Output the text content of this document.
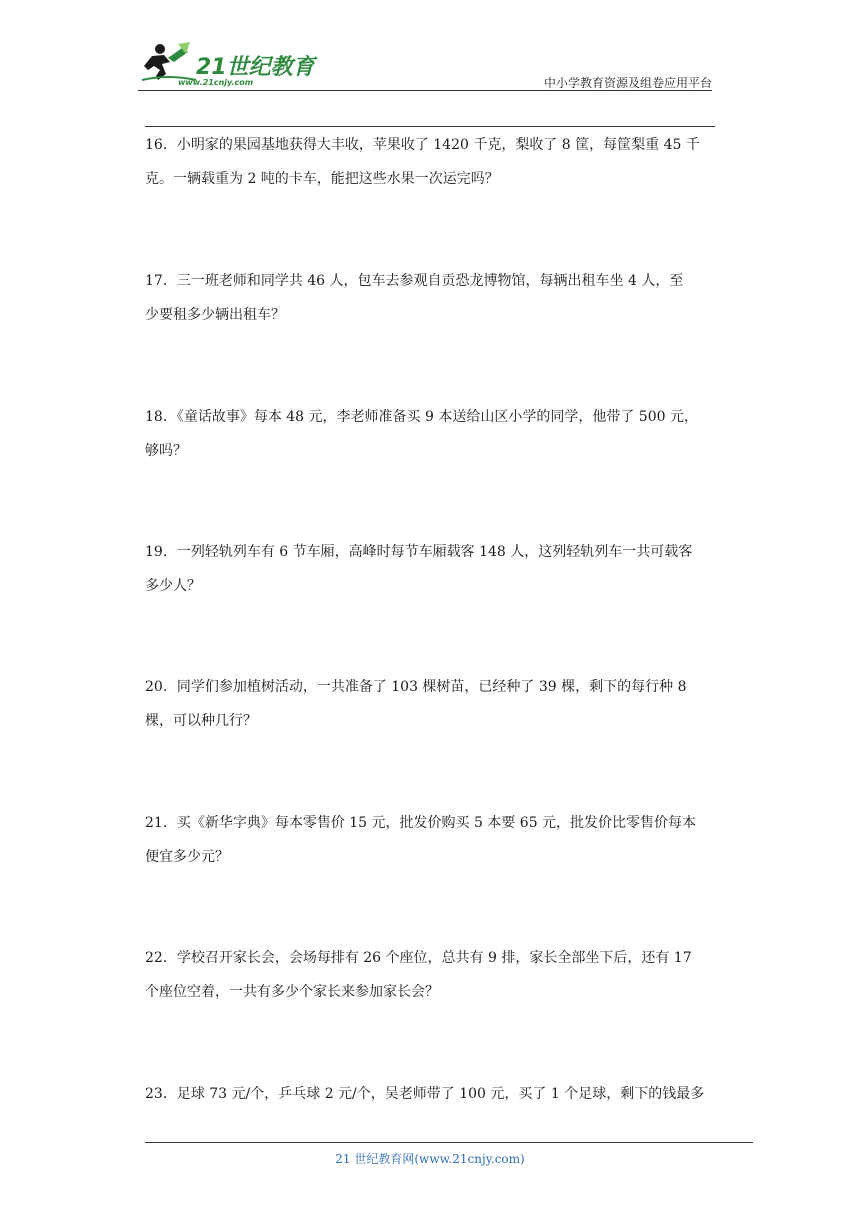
21世纪教育
www.21cnjy.com	中小学教育资源及组卷应用平台

16．小明家的果园基地获得大丰收，苹果收了 1420 千克，梨收了 8 筐，每筐梨重 45 千

克。一辆载重为 2 吨的卡车，能把这些水果一次运完吗？

17．三一班老师和同学共 46 人，包车去参观自贡恐龙博物馆，每辆出租车坐 4 人，至

少要租多少辆出租车？

18．《童话故事》每本 48 元，李老师准备买 9 本送给山区小学的同学，他带了 500 元，

够吗？

19．一列轻轨列车有 6 节车厢，高峰时每节车厢载客 148 人，这列轻轨列车一共可载客

多少人？

20．同学们参加植树活动，一共准备了 103 棵树苗，已经种了 39 棵，剩下的每行种 8

棵，可以种几行？

21．买《新华字典》每本零售价 15 元，批发价购买 5 本要 65 元，批发价比零售价每本

便宜多少元？

22．学校召开家长会，会场每排有 26 个座位，总共有 9 排，家长全部坐下后，还有 17

个座位空着，一共有多少个家长来参加家长会？

23．足球 73 元/个，乒乓球 2 元/个，吴老师带了 100 元，买了 1 个足球，剩下的钱最多

21 世纪教育网(www.21cnjy.com)
